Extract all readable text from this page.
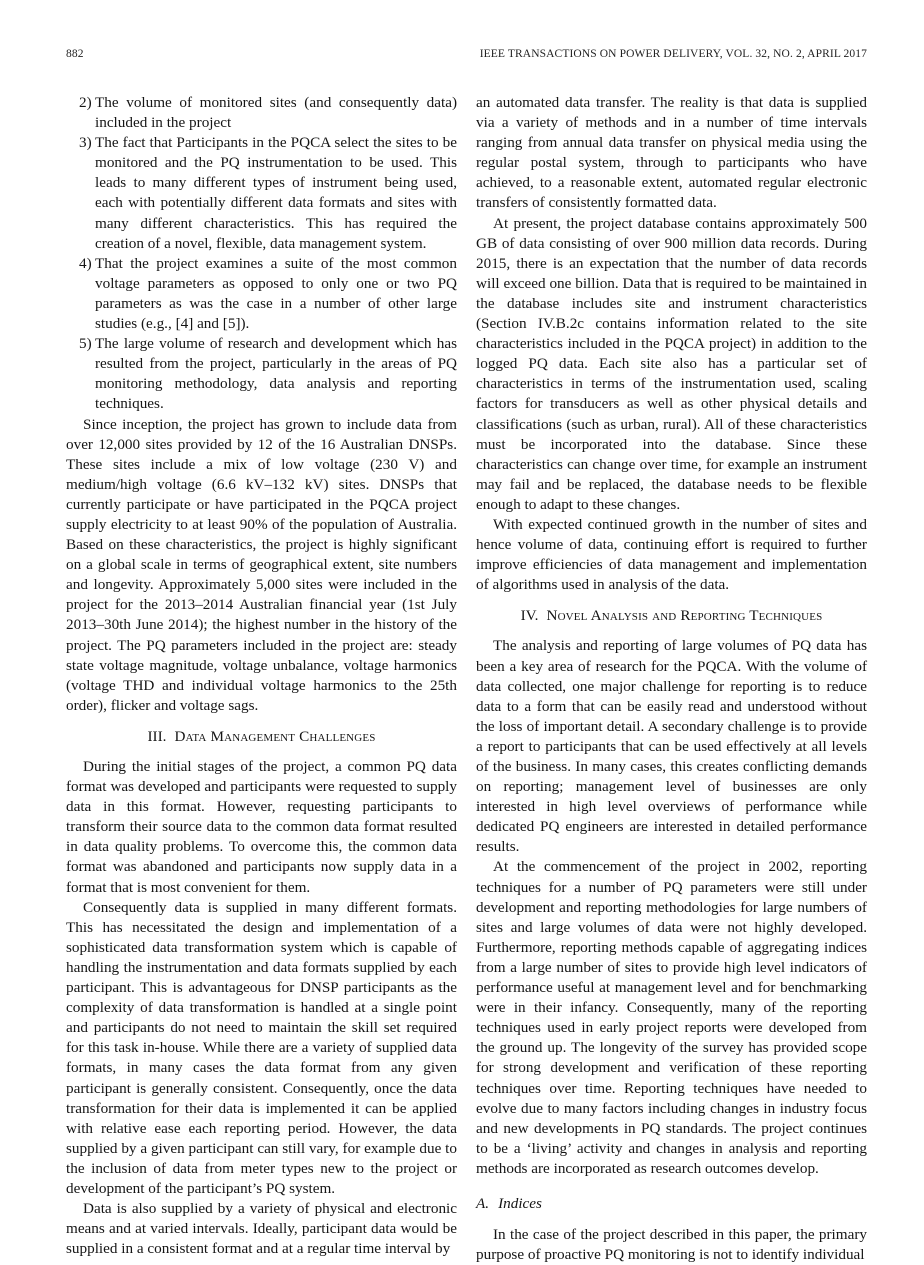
882	IEEE TRANSACTIONS ON POWER DELIVERY, VOL. 32, NO. 2, APRIL 2017
2) The volume of monitored sites (and consequently data) included in the project
3) The fact that Participants in the PQCA select the sites to be monitored and the PQ instrumentation to be used. This leads to many different types of instrument being used, each with potentially different data formats and sites with many different characteristics. This has required the creation of a novel, flexible, data management system.
4) That the project examines a suite of the most common voltage parameters as opposed to only one or two PQ parameters as was the case in a number of other large studies (e.g., [4] and [5]).
5) The large volume of research and development which has resulted from the project, particularly in the areas of PQ monitoring methodology, data analysis and reporting techniques.

Since inception, the project has grown to include data from over 12,000 sites provided by 12 of the 16 Australian DNSPs. These sites include a mix of low voltage (230 V) and medium/high voltage (6.6 kV–132 kV) sites. DNSPs that currently participate or have participated in the PQCA project supply electricity to at least 90% of the population of Australia. Based on these characteristics, the project is highly significant on a global scale in terms of geographical extent, site numbers and longevity. Approximately 5,000 sites were included in the project for the 2013–2014 Australian financial year (1st July 2013–30th June 2014); the highest number in the history of the project. The PQ parameters included in the project are: steady state voltage magnitude, voltage unbalance, voltage harmonics (voltage THD and individual voltage harmonics to the 25th order), flicker and voltage sags.

III. Data Management Challenges

During the initial stages of the project, a common PQ data format was developed and participants were requested to supply data in this format. However, requesting participants to transform their source data to the common data format resulted in data quality problems. To overcome this, the common data format was abandoned and participants now supply data in a format that is most convenient for them.

Consequently data is supplied in many different formats. This has necessitated the design and implementation of a sophisticated data transformation system which is capable of handling the instrumentation and data formats supplied by each participant. This is advantageous for DNSP participants as the complexity of data transformation is handled at a single point and participants do not need to maintain the skill set required for this task in-house. While there are a variety of supplied data formats, in many cases the data format from any given participant is generally consistent. Consequently, once the data transformation for their data is implemented it can be applied with relative ease each reporting period. However, the data supplied by a given participant can still vary, for example due to the inclusion of data from meter types new to the project or development of the participant’s PQ system.

Data is also supplied by a variety of physical and electronic means and at varied intervals. Ideally, participant data would be supplied in a consistent format and at a regular time interval by

an automated data transfer. The reality is that data is supplied via a variety of methods and in a number of time intervals ranging from annual data transfer on physical media using the regular postal system, through to participants who have achieved, to a reasonable extent, automated regular electronic transfers of consistently formatted data.

At present, the project database contains approximately 500 GB of data consisting of over 900 million data records. During 2015, there is an expectation that the number of data records will exceed one billion. Data that is required to be maintained in the database includes site and instrument characteristics (Section IV.B.2c contains information related to the site characteristics included in the PQCA project) in addition to the logged PQ data. Each site also has a particular set of characteristics in terms of the instrumentation used, scaling factors for transducers as well as other physical details and classifications (such as urban, rural). All of these characteristics must be incorporated into the database. Since these characteristics can change over time, for example an instrument may fail and be replaced, the database needs to be flexible enough to adapt to these changes.

With expected continued growth in the number of sites and hence volume of data, continuing effort is required to further improve efficiencies of data management and implementation of algorithms used in analysis of the data.

IV. Novel Analysis and Reporting Techniques

The analysis and reporting of large volumes of PQ data has been a key area of research for the PQCA. With the volume of data collected, one major challenge for reporting is to reduce data to a form that can be easily read and understood without the loss of important detail. A secondary challenge is to provide a report to participants that can be used effectively at all levels of the business. In many cases, this creates conflicting demands on reporting; management level of businesses are only interested in high level overviews of performance while dedicated PQ engineers are interested in detailed performance results.

At the commencement of the project in 2002, reporting techniques for a number of PQ parameters were still under development and reporting methodologies for large numbers of sites and large volumes of data were not highly developed. Furthermore, reporting methods capable of aggregating indices from a large number of sites to provide high level indicators of performance useful at management level and for benchmarking were in their infancy. Consequently, many of the reporting techniques used in early project reports were developed from the ground up. The longevity of the survey has provided scope for strong development and verification of these reporting techniques over time. Reporting techniques have needed to evolve due to many factors including changes in industry focus and new developments in PQ standards. The project continues to be a ‘living’ activity and changes in analysis and reporting methods are incorporated as research outcomes develop.

A. Indices

In the case of the project described in this paper, the primary purpose of proactive PQ monitoring is not to identify individual
